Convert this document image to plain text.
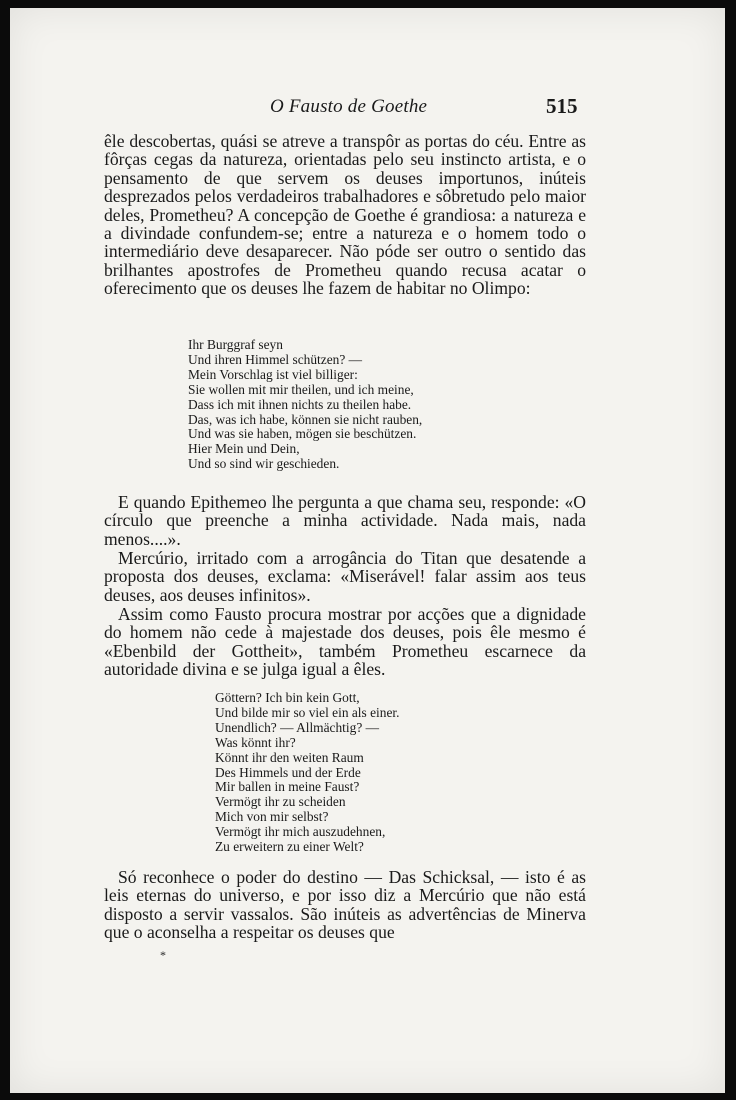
O Fausto de Goethe	515

êle descobertas, quási se atreve a transpôr as portas do céu. Entre as fôrças cegas da natureza, orientadas pelo seu instincto artista, e o pensamento de que servem os deuses importunos, inúteis desprezados pelos verdadeiros trabalhadores e sôbretudo pelo maior deles, Prometheu? A concepção de Goethe é grandiosa: a natureza e a divindade confundem-se; entre a natureza e o homem todo o intermediário deve desaparecer. Não póde ser outro o sentido das brilhantes apostrofes de Prometheu quando recusa acatar o oferecimento que os deuses lhe fazem de habitar no Olimpo:

Ihr Burggraf seyn
Und ihren Himmel schützen? —
Mein Vorschlag ist viel billiger:
Sie wollen mit mir theilen, und ich meine,
Dass ich mit ihnen nichts zu theilen habe.
Das, was ich habe, können sie nicht rauben,
Und was sie haben, mögen sie beschützen.
Hier Mein und Dein,
Und so sind wir geschieden.

E quando Epithemeo lhe pergunta a que chama seu, responde: «O círculo que preenche a minha actividade. Nada mais, nada menos....».

Mercúrio, irritado com a arrogância do Titan que desatende a proposta dos deuses, exclama: «Miserável! falar assim aos teus deuses, aos deuses infinitos».

Assim como Fausto procura mostrar por acções que a dignidade do homem não cede à majestade dos deuses, pois êle mesmo é «Ebenbild der Gottheit», também Prometheu escarnece da autoridade divina e se julga igual a êles.

Göttern? Ich bin kein Gott,
Und bilde mir so viel ein als einer.
Unendlich? — Allmächtig? —
Was könnt ihr?
Könnt ihr den weiten Raum
Des Himmels und der Erde
Mir ballen in meine Faust?
Vermögt ihr zu scheiden
Mich von mir selbst?
Vermögt ihr mich auszudehnen,
Zu erweitern zu einer Welt?

Só reconhece o poder do destino — Das Schicksal, — isto é as leis eternas do universo, e por isso diz a Mercúrio que não está disposto a servir vassalos. São inúteis as advertências de Minerva que o aconselha a respeitar os deuses que

*
